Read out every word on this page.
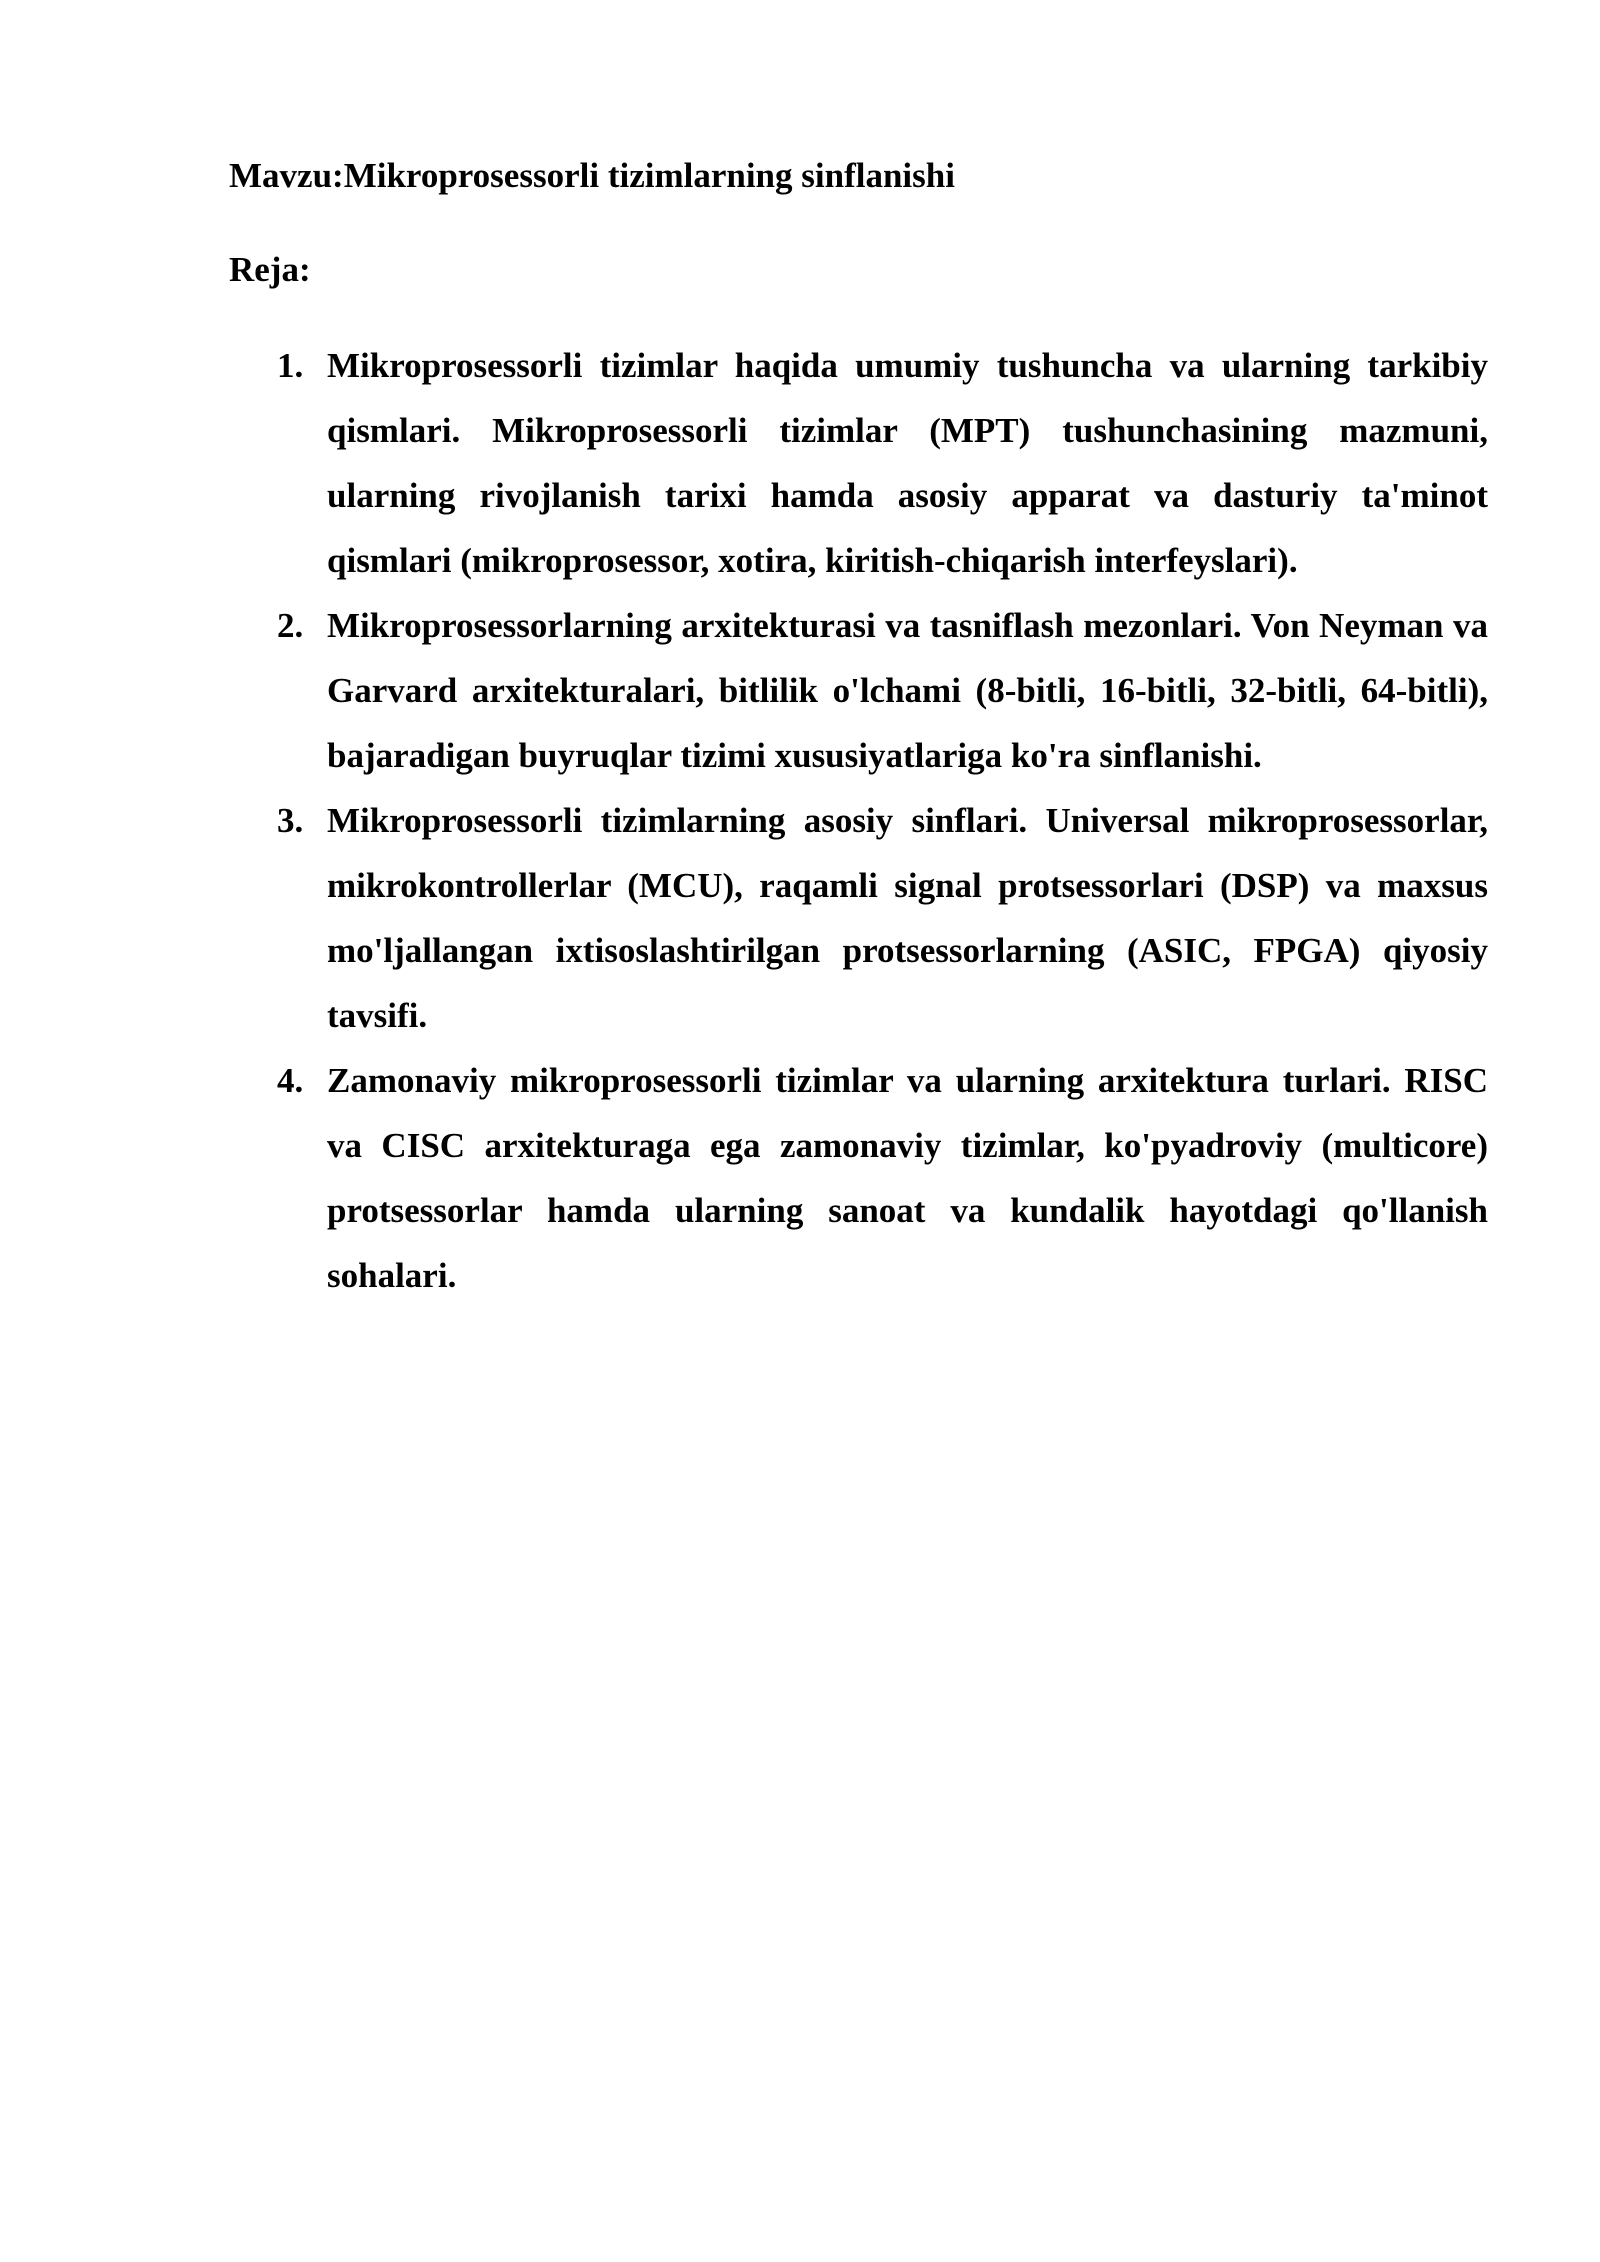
Mavzu:Mikroprosessorli tizimlarning sinflanishi
Reja:
1. Mikroprosessorli tizimlar haqida umumiy tushuncha va ularning tarkibiy qismlari. Mikroprosessorli tizimlar (MPT) tushunchasining mazmuni, ularning rivojlanish tarixi hamda asosiy apparat va dasturiy ta'minot qismlari (mikroprosessor, xotira, kiritish-chiqarish interfeyslari).
2. Mikroprosessorlarning arxitekturasi va tasniflash mezonlari. Von Neyman va Garvard arxitekturalari, bitlilik o'lchami (8-bitli, 16-bitli, 32-bitli, 64-bitli), bajaradigan buyruqlar tizimi xususiyatlariga ko'ra sinflanishi.
3. Mikroprosessorli tizimlarning asosiy sinflari. Universal mikroprosessorlar, mikrokontrollerlar (MCU), raqamli signal protsessorlari (DSP) va maxsus mo'ljallangan ixtisoslashtirilgan protsessorlarning (ASIC, FPGA) qiyosiy tavsifi.
4. Zamonaviy mikroprosessorli tizimlar va ularning arxitektura turlari. RISC va CISC arxitekturaga ega zamonaviy tizimlar, ko'pyadroviy (multicore) protsessorlar hamda ularning sanoat va kundalik hayotdagi qo'llanish sohalari.
